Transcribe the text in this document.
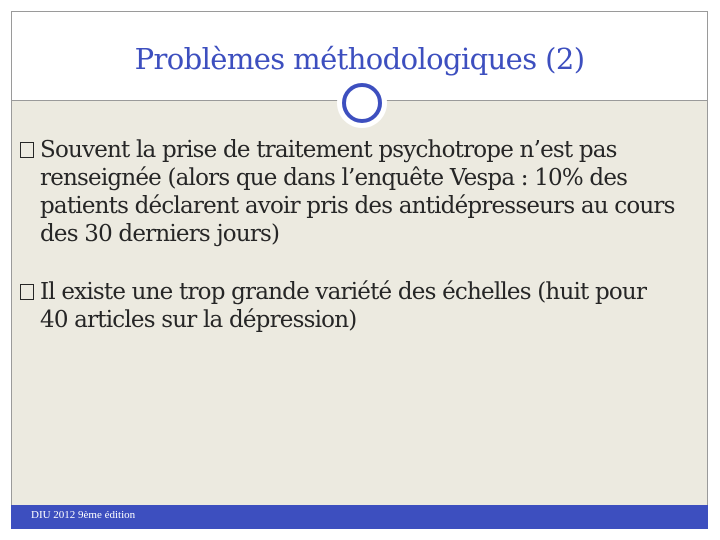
Problèmes méthodologiques (2)
Souvent la prise de traitement psychotrope n’est pas renseignée (alors que dans l’enquête Vespa : 10% des patients déclarent avoir pris des antidépresseurs au cours des 30 derniers jours)
Il existe une trop grande variété des échelles (huit pour 40 articles sur la dépression)
DIU 2012 9ème édition
